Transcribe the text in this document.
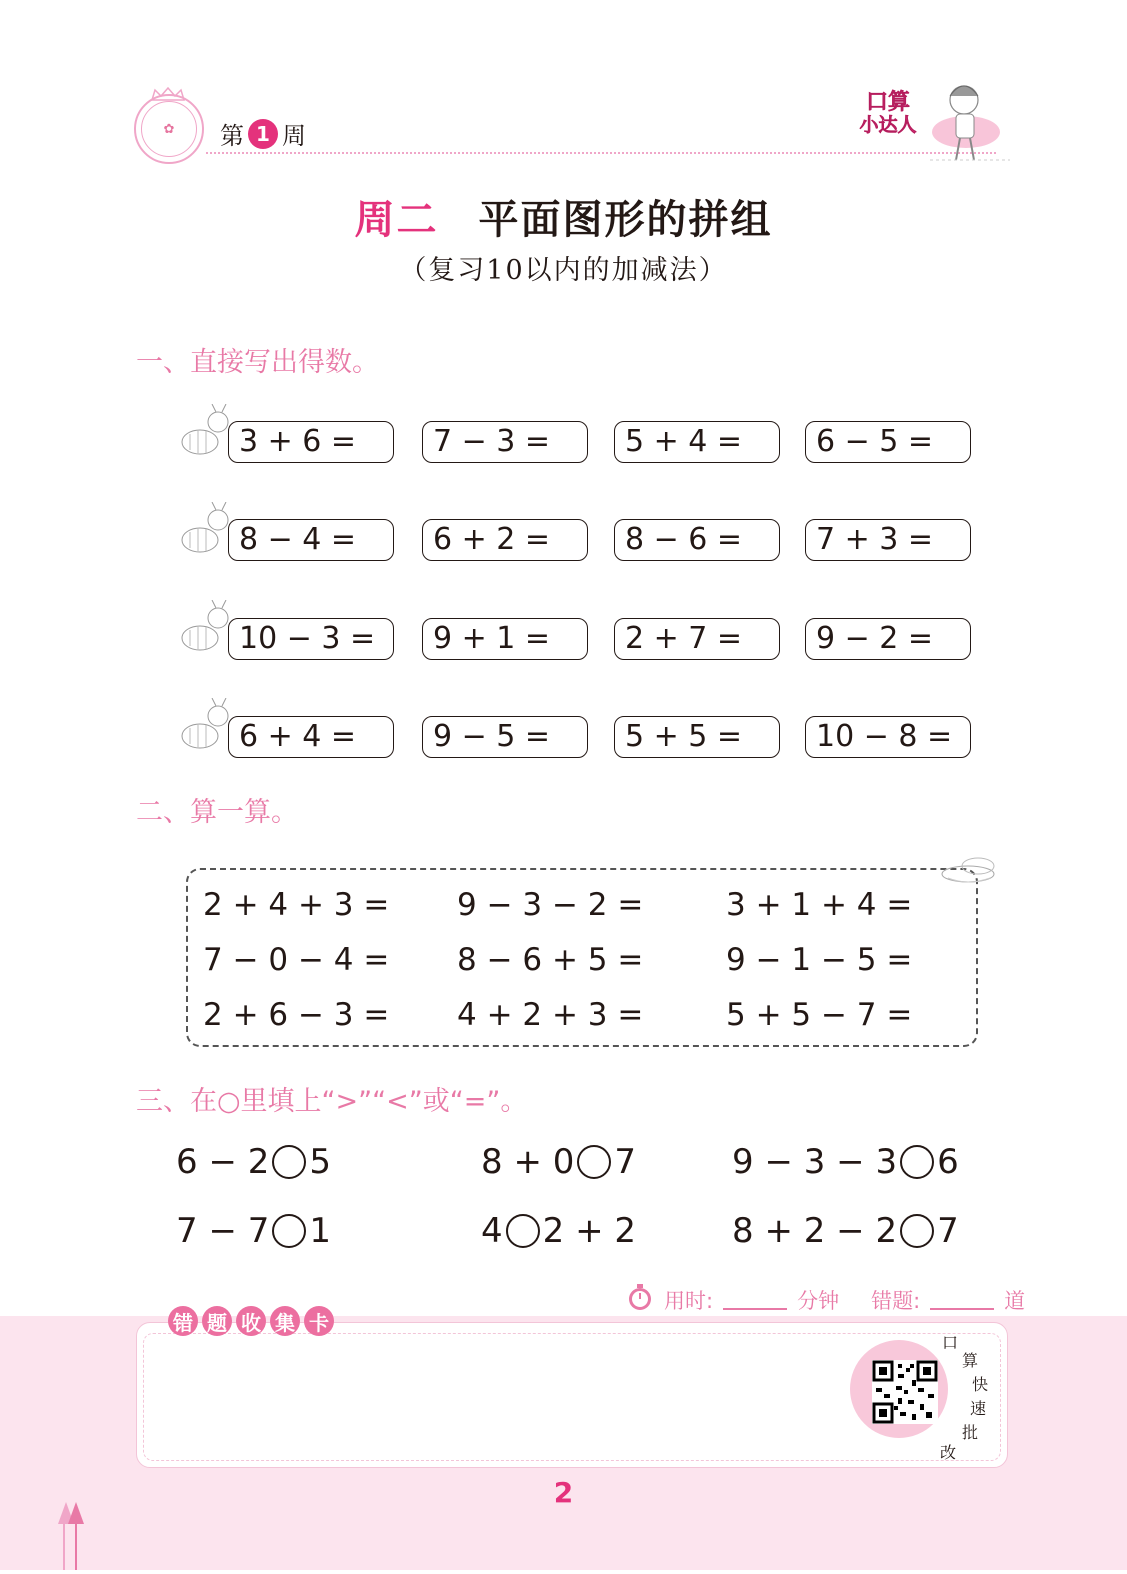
✿	第 1 周
口算
小达人
周二 平面图形的拼组
（复习10以内的加减法）
一、直接写出得数。
3 + 6 =	7 − 3 =	5 + 4 =	6 − 5 =
8 − 4 =	6 + 2 =	8 − 6 =	7 + 3 =
10 − 3 =	9 + 1 =	2 + 7 =	9 − 2 =
6 + 4 =	9 − 5 =	5 + 5 =	10 − 8 =
二、算一算。
2 + 4 + 3 = 9 − 3 − 2 =	3 + 1 + 4 =
7 − 0 − 4 = 8 − 6 + 5 =	9 − 1 − 5 =
2 + 6 − 3 = 4 + 2 + 3 =	5 + 5 − 7 =
三、在○里填上“>”“<”或“=”。
6 − 2 5	8 + 0 7	9 − 3 − 3 6
7 − 7 1	4 2 + 2	8 + 2 − 2 7
用时:	分钟 错题:	道
错 题 收 集 卡
口
算
快
速
批
改
2
